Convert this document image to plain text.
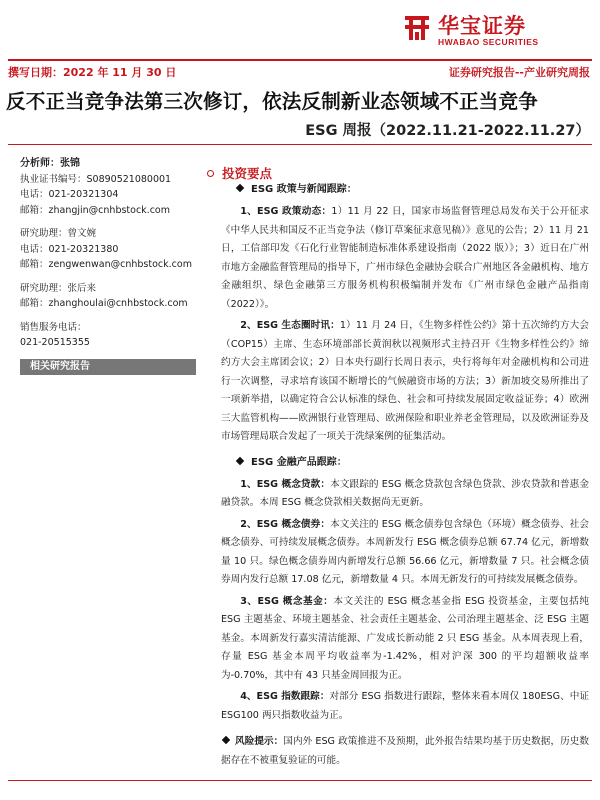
华宝证券
HWABAO SECURITIES
撰写日期：2022 年 11 月 30 日	证券研究报告--产业研究周报
反不正当竞争法第三次修订，依法反制新业态领域不正当竞争
ESG 周报（2022.11.21-2022.11.27）
分析师：张锦
执业证书编号：S0890521080001
电话：021-20321304
邮箱：zhangjin@cnhbstock.com
研究助理：曾文婉
电话：021-20321380
邮箱：zengwenwan@cnhbstock.com
研究助理：张后来
邮箱：zhanghoulai@cnhbstock.com
销售服务电话：
021-20515355
相关研究报告
投资要点
ESG 政策与新闻跟踪：

1、ESG 政策动态：1）11 月 22 日，国家市场监督管理总局发布关于公开征求《中华人民共和国反不正当竞争法（修订草案征求意见稿）》意见的公告；2）11 月 21 日，工信部印发《石化行业智能制造标准体系建设指南（2022 版）》；3）近日在广州市地方金融监督管理局的指导下，广州市绿色金融协会联合广州地区各金融机构、地方金融组织、绿色金融第三方服务机构积极编制并发布《广州市绿色金融产品指南（2022）》。

2、ESG 生态圈时讯：1）11 月 24 日，《生物多样性公约》第十五次缔约方大会（COP15）主席、生态环境部部长黄润秋以视频形式主持召开《生物多样性公约》缔约方大会主席团会议；2）日本央行副行长周日表示，央行将每年对金融机构和公司进行一次调整，寻求培育该国不断增长的气候融资市场的方法；3）新加坡交易所推出了一项新举措，以确定符合公认标准的绿色、社会和可持续发展固定收益证券；4）欧洲三大监管机构——欧洲银行业管理局、欧洲保险和职业养老金管理局，以及欧洲证券及市场管理局联合发起了一项关于洗绿案例的征集活动。

ESG 金融产品跟踪：

1、ESG 概念贷款：本文跟踪的 ESG 概念贷款包含绿色贷款、涉农贷款和普惠金融贷款。本周 ESG 概念贷款相关数据尚无更新。

2、ESG 概念债券：本文关注的 ESG 概念债券包含绿色（环境）概念债券、社会概念债券、可持续发展概念债券。本周新发行 ESG 概念债券总额 67.74 亿元，新增数量 10 只。绿色概念债券周内新增发行总额 56.66 亿元，新增数量 7 只。社会概念债券周内发行总额 17.08 亿元，新增数量 4 只。本周无新发行的可持续发展概念债券。

3、ESG 概念基金：本文关注的 ESG 概念基金指 ESG 投资基金，主要包括纯 ESG 主题基金、环境主题基金、社会责任主题基金、公司治理主题基金、泛 ESG 主题基金。本周新发行嘉实清洁能源、广发成长新动能 2 只 ESG 基金。从本周表现上看，存量 ESG 基金本周平均收益率为-1.42%，相对沪深 300 的平均超额收益率为-0.70%，其中有 43 只基金周回报为正。

4、ESG 指数跟踪：对部分 ESG 指数进行跟踪，整体来看本周仅 180ESG、中证 ESG100 两只指数收益为正。

风险提示：国内外 ESG 政策推进不及预期，此外报告结果均基于历史数据，历史数据存在不被重复验证的可能。
